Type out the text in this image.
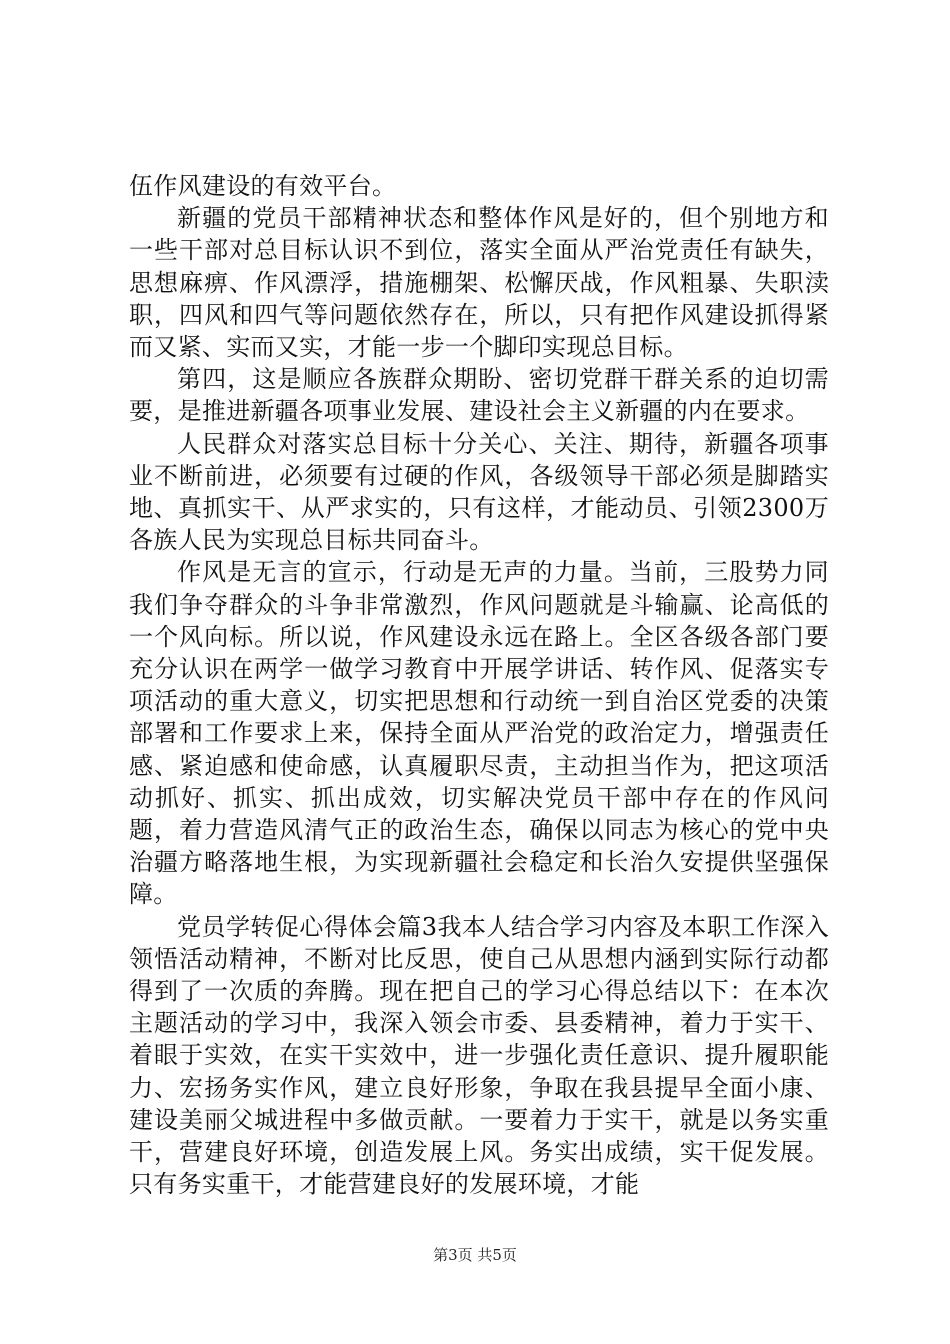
伍作风建设的有效平台。

新疆的党员干部精神状态和整体作风是好的，但个别地方和一些干部对总目标认识不到位，落实全面从严治党责任有缺失，思想麻痹、作风漂浮，措施棚架、松懈厌战，作风粗暴、失职渎职，四风和四气等问题依然存在，所以，只有把作风建设抓得紧而又紧、实而又实，才能一步一个脚印实现总目标。

第四，这是顺应各族群众期盼、密切党群干群关系的迫切需要，是推进新疆各项事业发展、建设社会主义新疆的内在要求。

人民群众对落实总目标十分关心、关注、期待，新疆各项事业不断前进，必须要有过硬的作风，各级领导干部必须是脚踏实地、真抓实干、从严求实的，只有这样，才能动员、引领2300万各族人民为实现总目标共同奋斗。

作风是无言的宣示，行动是无声的力量。当前，三股势力同我们争夺群众的斗争非常激烈，作风问题就是斗输赢、论高低的一个风向标。所以说，作风建设永远在路上。全区各级各部门要充分认识在两学一做学习教育中开展学讲话、转作风、促落实专项活动的重大意义，切实把思想和行动统一到自治区党委的决策部署和工作要求上来，保持全面从严治党的政治定力，增强责任感、紧迫感和使命感，认真履职尽责，主动担当作为，把这项活动抓好、抓实、抓出成效，切实解决党员干部中存在的作风问题，着力营造风清气正的政治生态，确保以同志为核心的党中央治疆方略落地生根，为实现新疆社会稳定和长治久安提供坚强保障。

党员学转促心得体会篇3我本人结合学习内容及本职工作深入领悟活动精神，不断对比反思，使自己从思想内涵到实际行动都得到了一次质的奔腾。现在把自己的学习心得总结以下：在本次主题活动的学习中，我深入领会市委、县委精神，着力于实干、着眼于实效，在实干实效中，进一步强化责任意识、提升履职能力、宏扬务实作风，建立良好形象，争取在我县提早全面小康、建设美丽父城进程中多做贡献。一要着力于实干，就是以务实重干，营建良好环境，创造发展上风。务实出成绩，实干促发展。只有务实重干，才能营建良好的发展环境，才能

第3页 共5页
